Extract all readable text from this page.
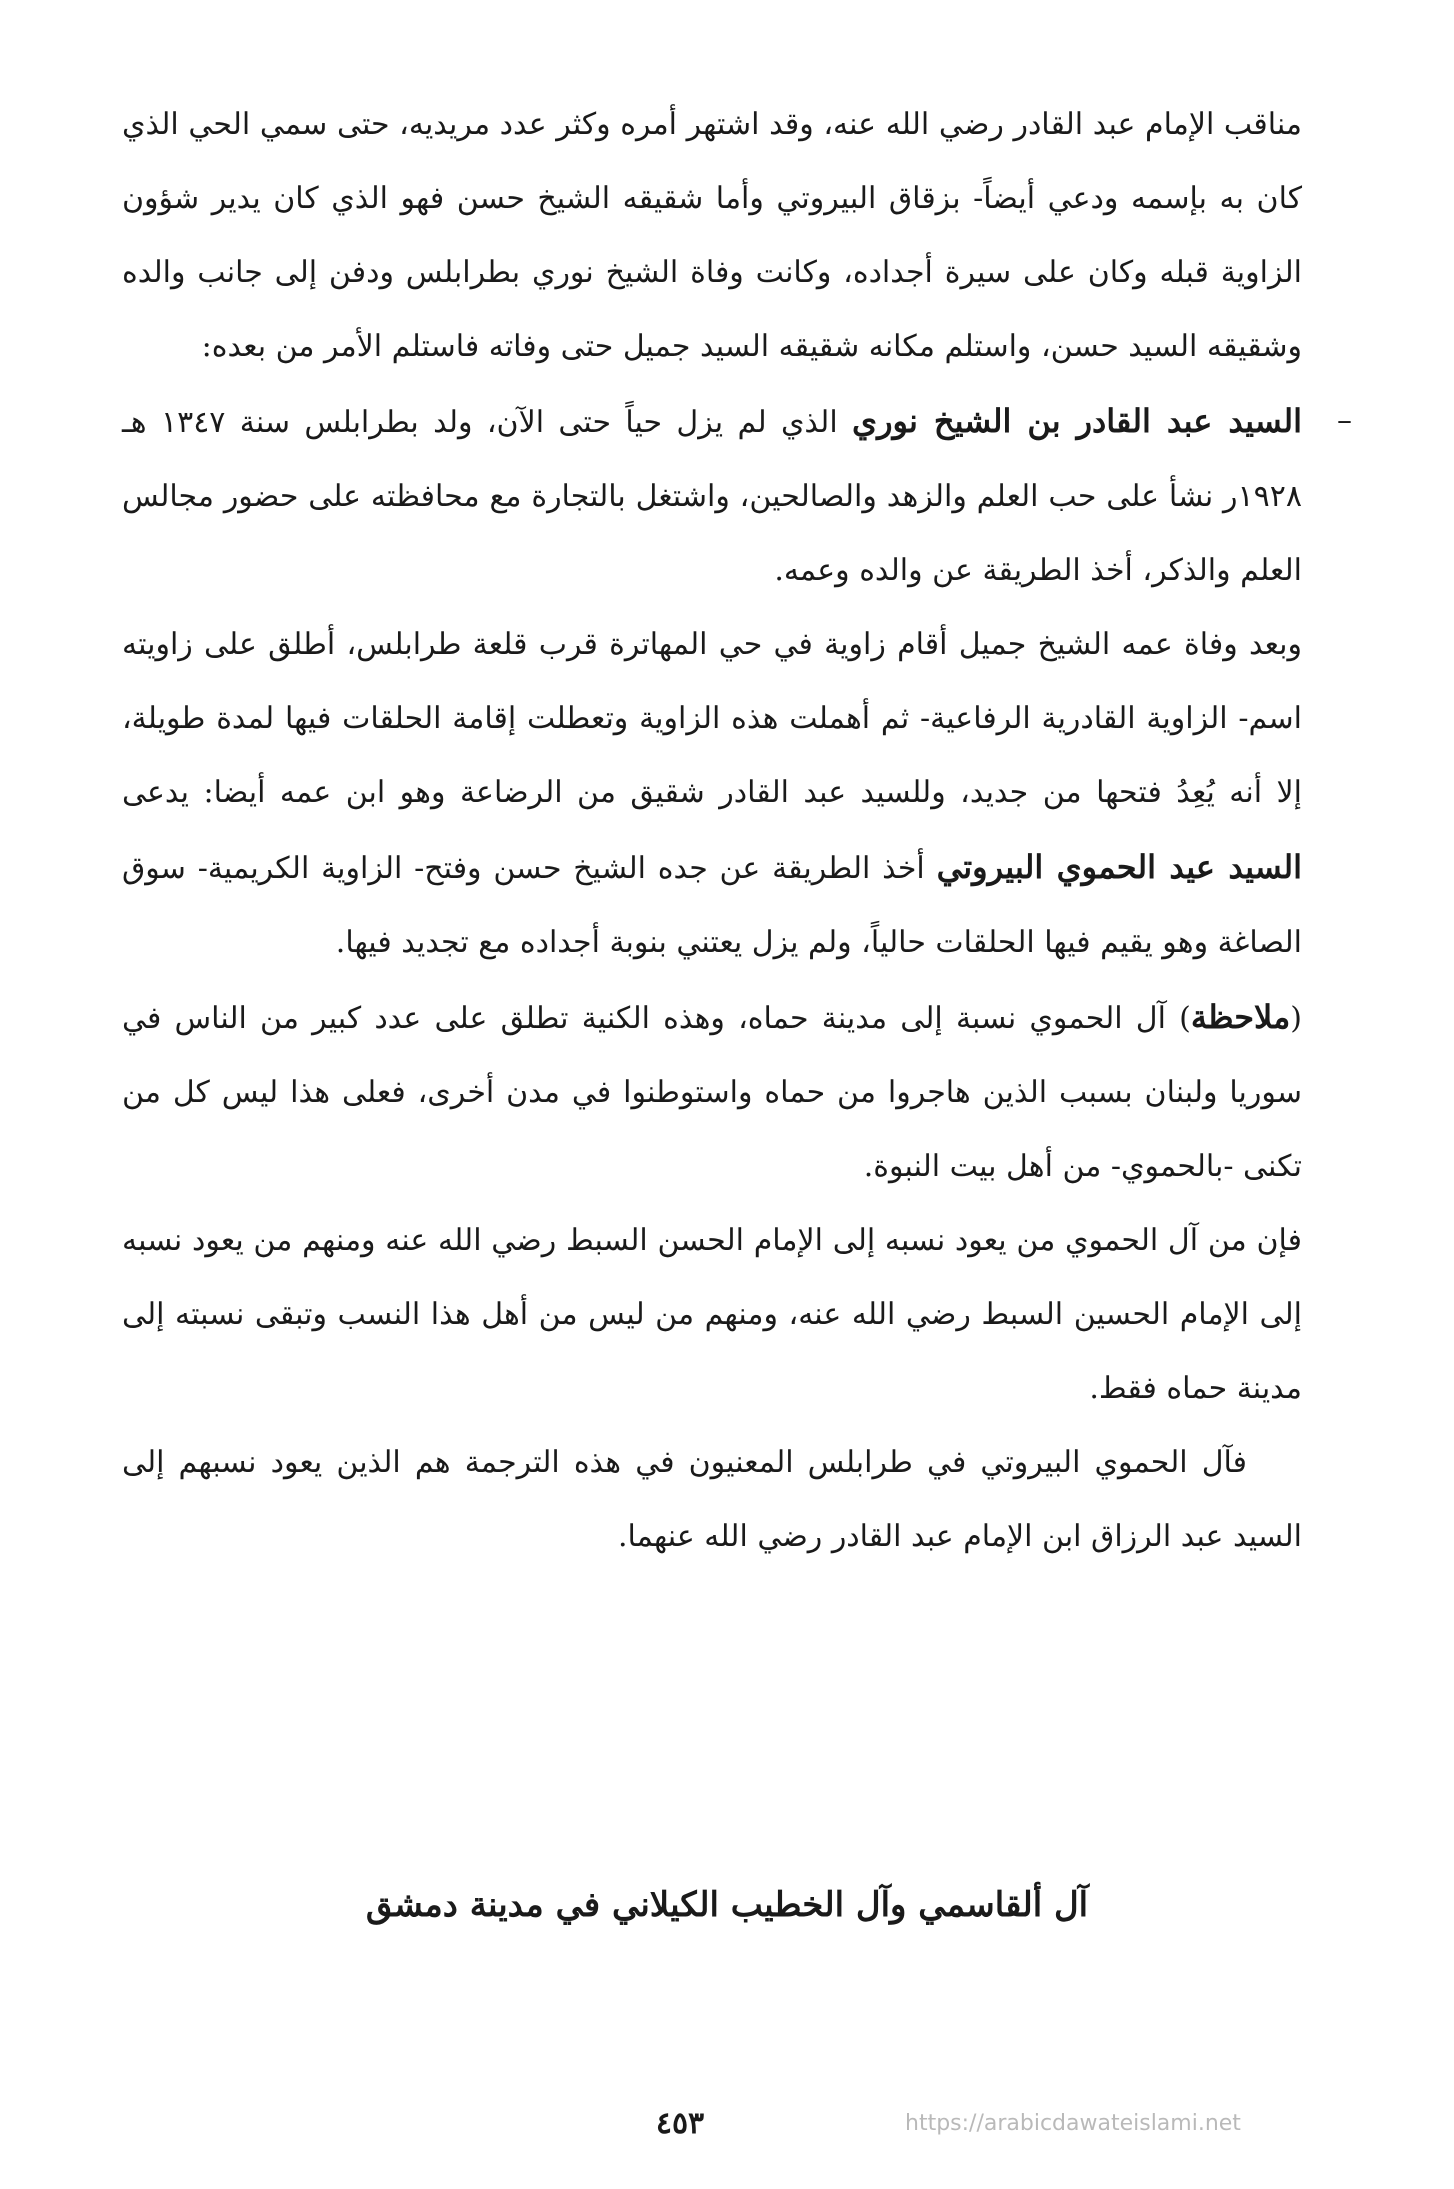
مناقب الإمام عبد القادر رضي الله عنه، وقد اشتهر أمره وكثر عدد مريديه، حتى سمي الحي الذي كان به بإسمه ودعي أيضاً- بزقاق البيروتي وأما شقيقه الشيخ حسن فهو الذي كان يدير شؤون الزاوية قبله وكان على سيرة أجداده، وكانت وفاة الشيخ نوري بطرابلس ودفن إلى جانب والده وشقيقه السيد حسن، واستلم مكانه شقيقه السيد جميل حتى وفاته فاستلم الأمر من بعده:

–
السيد عبد القادر بن الشيخ نوري الذي لم يزل حياً حتى الآن، ولد بطرابلس سنة ١٣٤٧ هـ ١٩٢٨ر نشأ على حب العلم والزهد والصالحين، واشتغل بالتجارة مع محافظته على حضور مجالس العلم والذكر، أخذ الطريقة عن والده وعمه.

وبعد وفاة عمه الشيخ جميل أقام زاوية في حي المهاترة قرب قلعة طرابلس، أطلق على زاويته اسم- الزاوية القادرية الرفاعية- ثم أهملت هذه الزاوية وتعطلت إقامة الحلقات فيها لمدة طويلة، إلا أنه يُعِدُ فتحها من جديد، وللسيد عبد القادر شقيق من الرضاعة وهو ابن عمه أيضا: يدعى السيد عيد الحموي البيروتي أخذ الطريقة عن جده الشيخ حسن وفتح- الزاوية الكريمية- سوق الصاغة وهو يقيم فيها الحلقات حالياً، ولم يزل يعتني بنوبة أجداده مع تجديد فيها.

(ملاحظة) آل الحموي نسبة إلى مدينة حماه، وهذه الكنية تطلق على عدد كبير من الناس في سوريا ولبنان بسبب الذين هاجروا من حماه واستوطنوا في مدن أخرى، فعلى هذا ليس كل من تكنى -بالحموي- من أهل بيت النبوة.

فإن من آل الحموي من يعود نسبه إلى الإمام الحسن السبط رضي الله عنه ومنهم من يعود نسبه إلى الإمام الحسين السبط رضي الله عنه، ومنهم من ليس من أهل هذا النسب وتبقى نسبته إلى مدينة حماه فقط.

فآل الحموي البيروتي في طرابلس المعنيون في هذه الترجمة هم الذين يعود نسبهم إلى السيد عبد الرزاق ابن الإمام عبد القادر رضي الله عنهما.

آل ألقاسمي وآل الخطيب الكيلاني في مدينة دمشق
٤٥٣	https://arabicdawateislami.net
